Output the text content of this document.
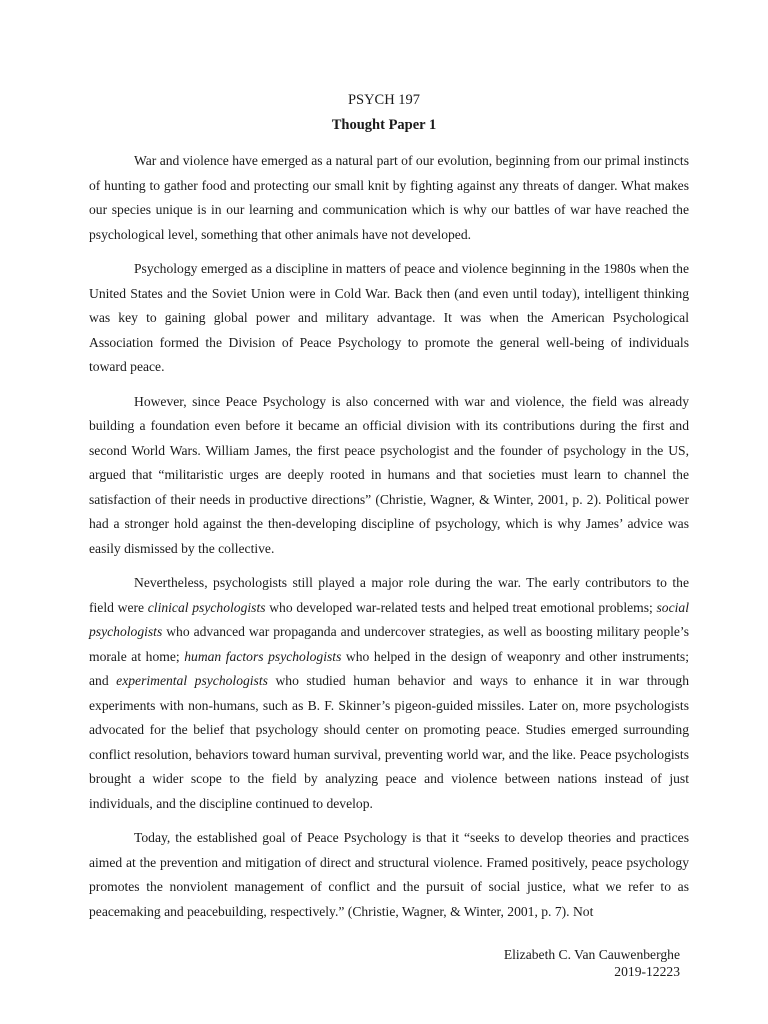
PSYCH 197
Thought Paper 1

War and violence have emerged as a natural part of our evolution, beginning from our primal instincts of hunting to gather food and protecting our small knit by fighting against any threats of danger. What makes our species unique is in our learning and communication which is why our battles of war have reached the psychological level, something that other animals have not developed.

Psychology emerged as a discipline in matters of peace and violence beginning in the 1980s when the United States and the Soviet Union were in Cold War. Back then (and even until today), intelligent thinking was key to gaining global power and military advantage. It was when the American Psychological Association formed the Division of Peace Psychology to promote the general well-being of individuals toward peace.

However, since Peace Psychology is also concerned with war and violence, the field was already building a foundation even before it became an official division with its contributions during the first and second World Wars. William James, the first peace psychologist and the founder of psychology in the US, argued that “militaristic urges are deeply rooted in humans and that societies must learn to channel the satisfaction of their needs in productive directions” (Christie, Wagner, & Winter, 2001, p. 2). Political power had a stronger hold against the then-developing discipline of psychology, which is why James’ advice was easily dismissed by the collective.

Nevertheless, psychologists still played a major role during the war. The early contributors to the field were clinical psychologists who developed war-related tests and helped treat emotional problems; social psychologists who advanced war propaganda and undercover strategies, as well as boosting military people’s morale at home; human factors psychologists who helped in the design of weaponry and other instruments; and experimental psychologists who studied human behavior and ways to enhance it in war through experiments with non-humans, such as B. F. Skinner’s pigeon-guided missiles. Later on, more psychologists advocated for the belief that psychology should center on promoting peace. Studies emerged surrounding conflict resolution, behaviors toward human survival, preventing world war, and the like. Peace psychologists brought a wider scope to the field by analyzing peace and violence between nations instead of just individuals, and the discipline continued to develop.

Today, the established goal of Peace Psychology is that it “seeks to develop theories and practices aimed at the prevention and mitigation of direct and structural violence. Framed positively, peace psychology promotes the nonviolent management of conflict and the pursuit of social justice, what we refer to as peacemaking and peacebuilding, respectively.” (Christie, Wagner, & Winter, 2001, p. 7). Not

Elizabeth C. Van Cauwenberghe
2019-12223
